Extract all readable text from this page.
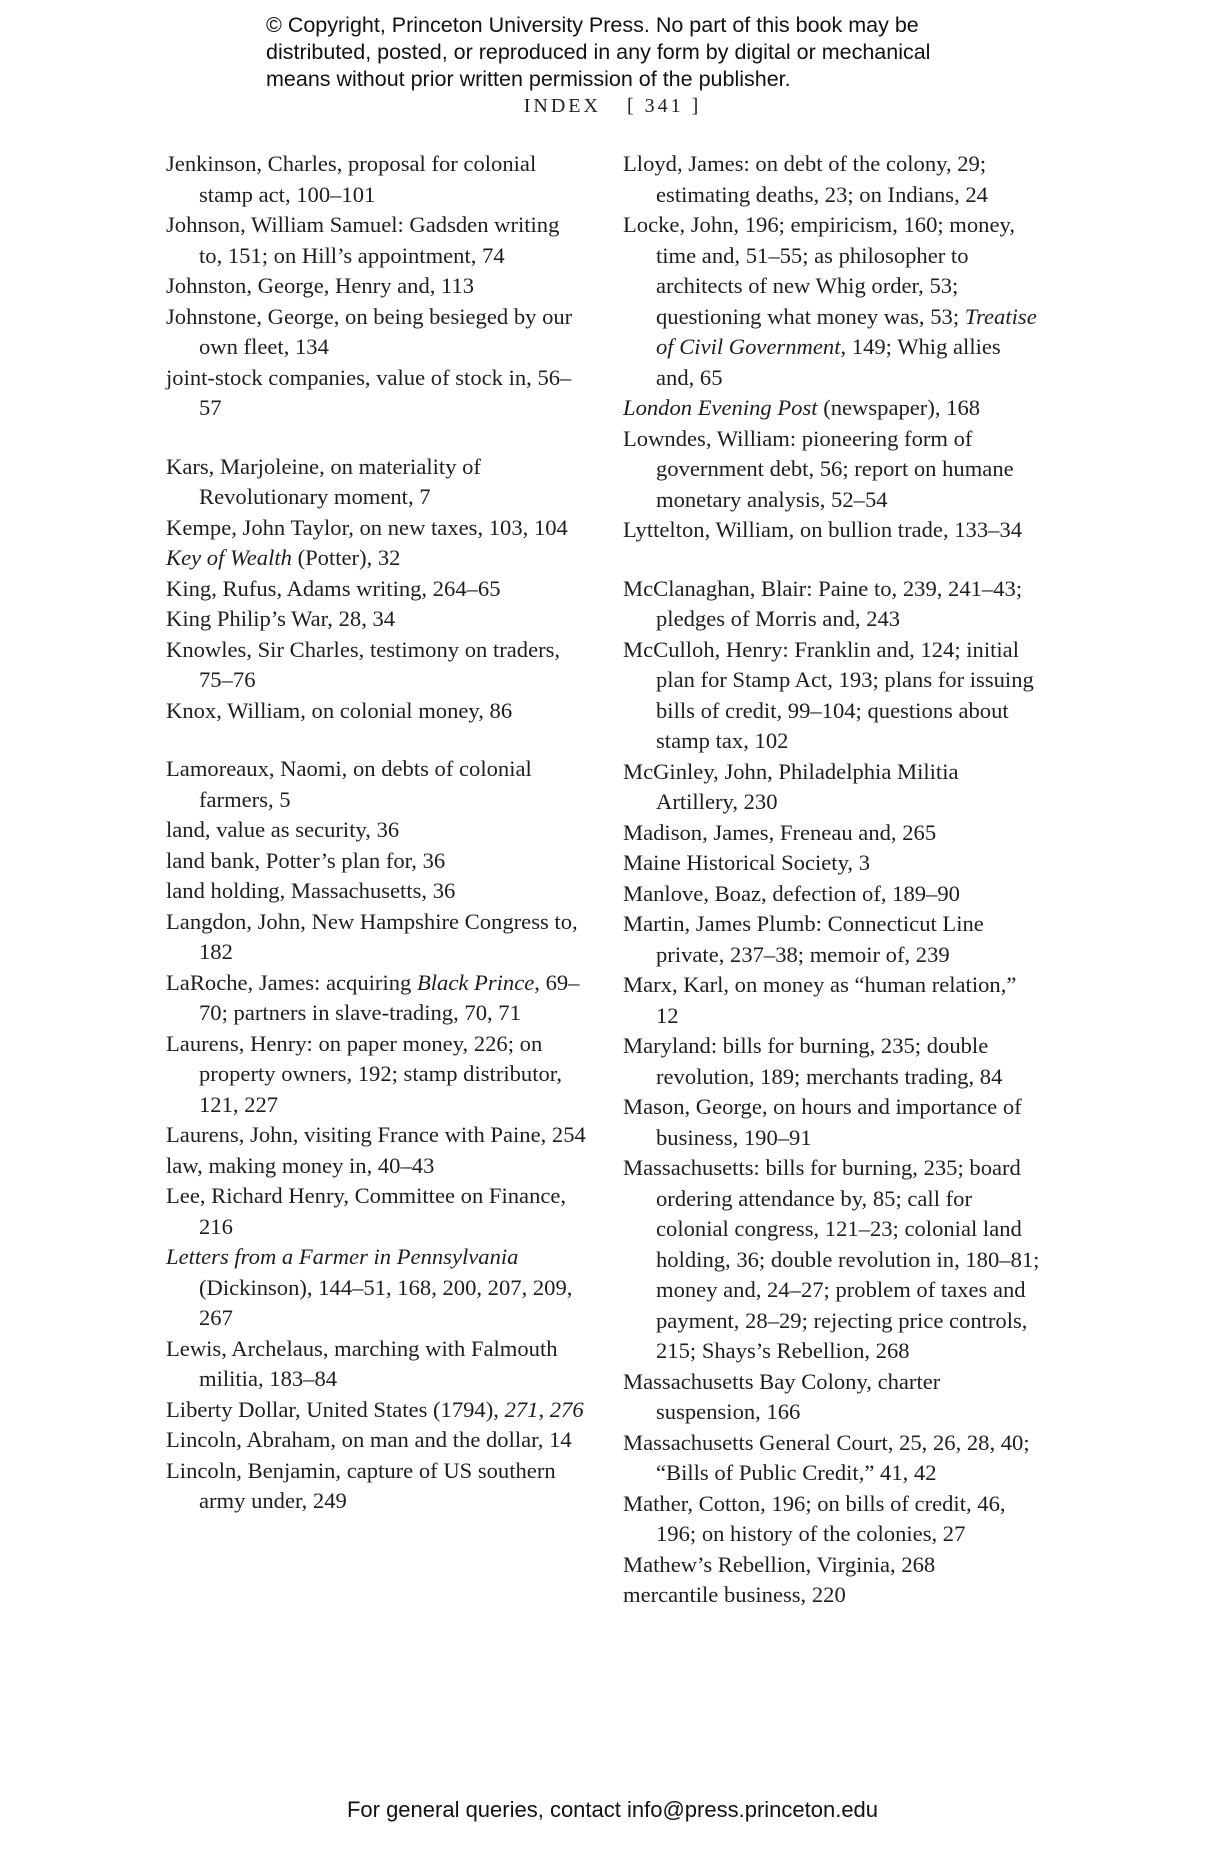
© Copyright, Princeton University Press. No part of this book may be
distributed, posted, or reproduced in any form by digital or mechanical
means without prior written permission of the publisher.
INDEX [ 341 ]
Jenkinson, Charles, proposal for colonial stamp act, 100–101
Johnson, William Samuel: Gadsden writing to, 151; on Hill’s appointment, 74
Johnston, George, Henry and, 113
Johnstone, George, on being besieged by our own fleet, 134
joint-stock companies, value of stock in, 56–57
Kars, Marjoleine, on materiality of Revolutionary moment, 7
Kempe, John Taylor, on new taxes, 103, 104
Key of Wealth (Potter), 32
King, Rufus, Adams writing, 264–65
King Philip’s War, 28, 34
Knowles, Sir Charles, testimony on traders, 75–76
Knox, William, on colonial money, 86
Lamoreaux, Naomi, on debts of colonial farmers, 5
land, value as security, 36
land bank, Potter’s plan for, 36
land holding, Massachusetts, 36
Langdon, John, New Hampshire Congress to, 182
LaRoche, James: acquiring Black Prince, 69–70; partners in slave-trading, 70, 71
Laurens, Henry: on paper money, 226; on property owners, 192; stamp distributor, 121, 227
Laurens, John, visiting France with Paine, 254
law, making money in, 40–43
Lee, Richard Henry, Committee on Finance, 216
Letters from a Farmer in Pennsylvania (Dickinson), 144–51, 168, 200, 207, 209, 267
Lewis, Archelaus, marching with Falmouth militia, 183–84
Liberty Dollar, United States (1794), 271, 276
Lincoln, Abraham, on man and the dollar, 14
Lincoln, Benjamin, capture of US southern army under, 249
Lloyd, James: on debt of the colony, 29; estimating deaths, 23; on Indians, 24
Locke, John, 196; empiricism, 160; money, time and, 51–55; as philosopher to architects of new Whig order, 53; questioning what money was, 53; Treatise of Civil Government, 149; Whig allies and, 65
London Evening Post (newspaper), 168
Lowndes, William: pioneering form of government debt, 56; report on humane monetary analysis, 52–54
Lyttelton, William, on bullion trade, 133–34
McClanaghan, Blair: Paine to, 239, 241–43; pledges of Morris and, 243
McCulloh, Henry: Franklin and, 124; initial plan for Stamp Act, 193; plans for issuing bills of credit, 99–104; questions about stamp tax, 102
McGinley, John, Philadelphia Militia Artillery, 230
Madison, James, Freneau and, 265
Maine Historical Society, 3
Manlove, Boaz, defection of, 189–90
Martin, James Plumb: Connecticut Line private, 237–38; memoir of, 239
Marx, Karl, on money as “human relation,” 12
Maryland: bills for burning, 235; double revolution, 189; merchants trading, 84
Mason, George, on hours and importance of business, 190–91
Massachusetts: bills for burning, 235; board ordering attendance by, 85; call for colonial congress, 121–23; colonial land holding, 36; double revolution in, 180–81; money and, 24–27; problem of taxes and payment, 28–29; rejecting price controls, 215; Shays’s Rebellion, 268
Massachusetts Bay Colony, charter suspension, 166
Massachusetts General Court, 25, 26, 28, 40; “Bills of Public Credit,” 41, 42
Mather, Cotton, 196; on bills of credit, 46, 196; on history of the colonies, 27
Mathew’s Rebellion, Virginia, 268
mercantile business, 220
For general queries, contact info@press.princeton.edu
